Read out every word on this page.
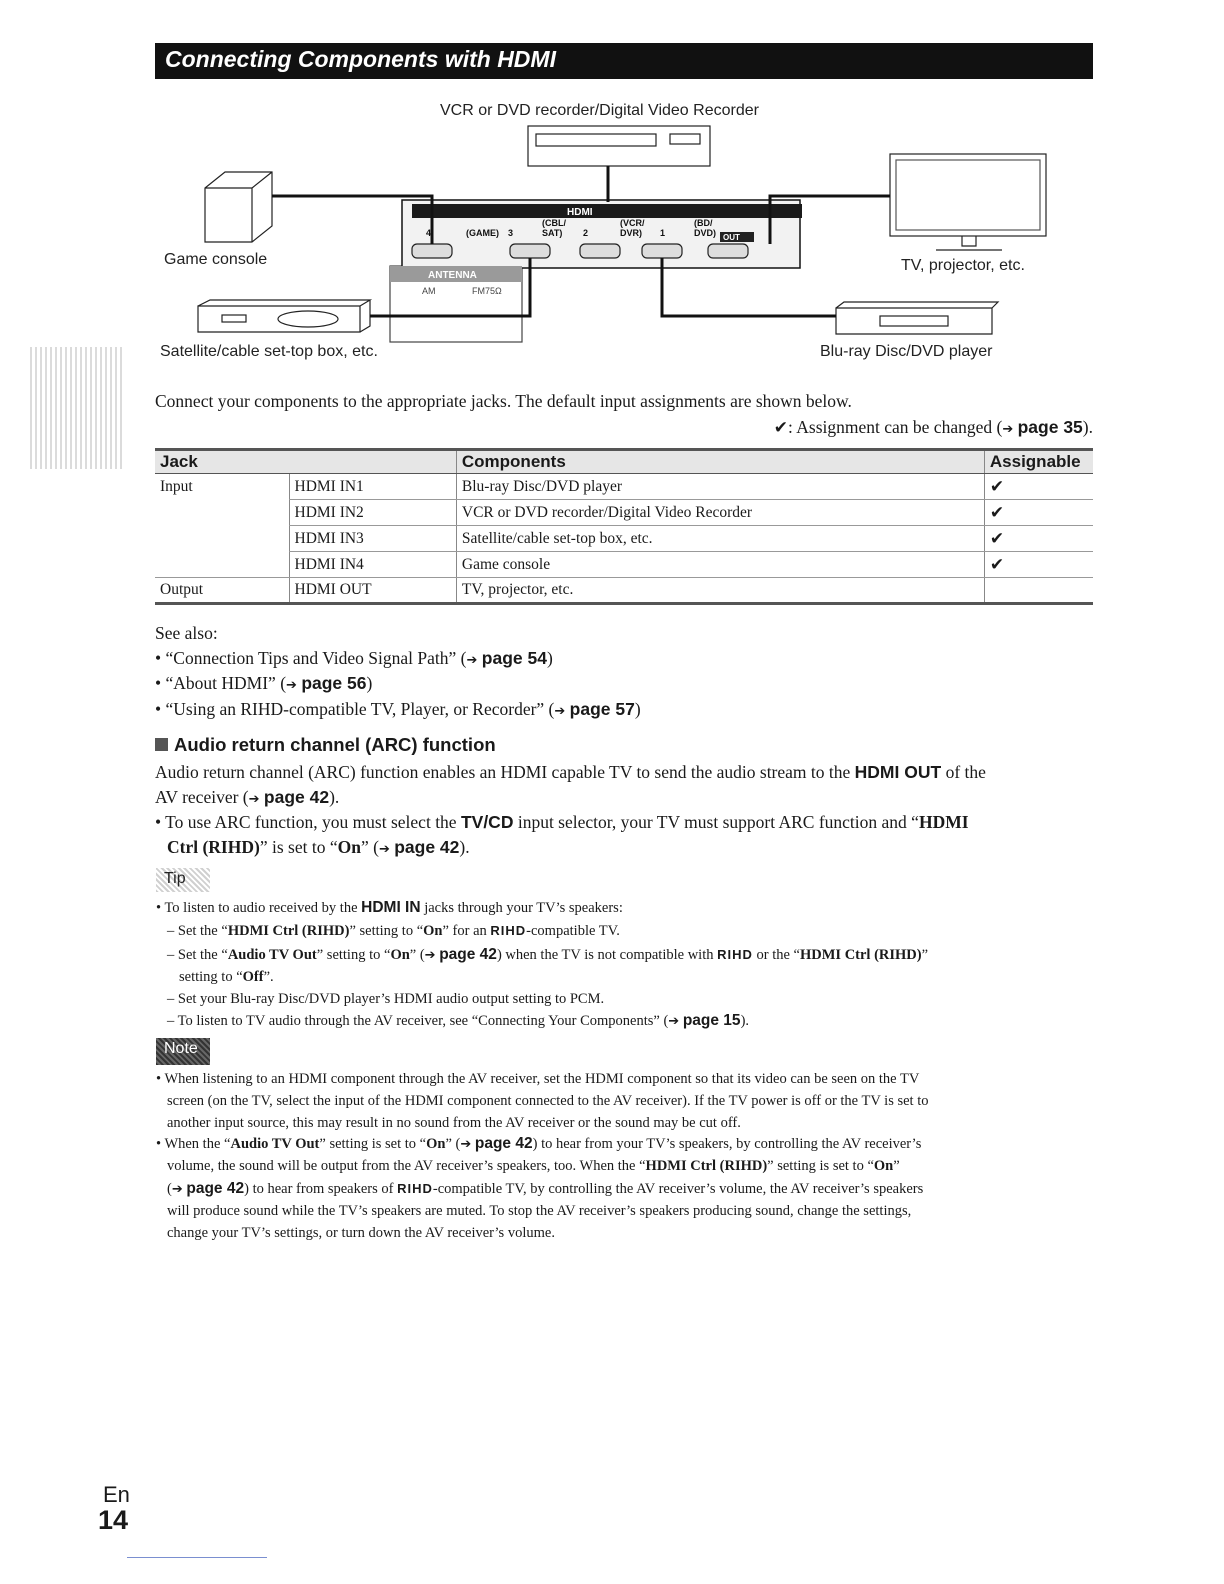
Connecting Components with HDMI
VCR or DVD recorder/Digital Video Recorder
Game console	TV, projector, etc.
Satellite/cable set-top box, etc.	Blu-ray Disc/DVD player
HDMI
4	(GAME) 3
(CBL/
SAT) 2
(VCR/
DVR) 1
(BD/
DVD) OUT
ANTENNA
AM	FM75Ω
Connect your components to the appropriate jacks. The default input assignments are shown below.
✔: Assignment can be changed (➔ page 35).
Jack		Components	Assignable
Input	HDMI IN1	Blu-ray Disc/DVD player	✔
	HDMI IN2	VCR or DVD recorder/Digital Video Recorder	✔
	HDMI IN3	Satellite/cable set-top box, etc.	✔
	HDMI IN4	Game console	✔
Output	HDMI OUT	TV, projector, etc.	
See also:
• “Connection Tips and Video Signal Path” (➔ page 54)
• “About HDMI” (➔ page 56)
• “Using an RIHD-compatible TV, Player, or Recorder” (➔ page 57)
Audio return channel (ARC) function
Audio return channel (ARC) function enables an HDMI capable TV to send the audio stream to the HDMI OUT of the
AV receiver (➔ page 42).
• To use ARC function, you must select the TV/CD input selector, your TV must support ARC function and “HDMI
Ctrl (RIHD)” is set to “On” (➔ page 42).
Tip
• To listen to audio received by the HDMI IN jacks through your TV’s speakers:
– Set the “HDMI Ctrl (RIHD)” setting to “On” for an RIHD-compatible TV.
– Set the “Audio TV Out” setting to “On” (➔ page 42) when the TV is not compatible with RIHD or the “HDMI Ctrl (RIHD)”
setting to “Off”.
– Set your Blu-ray Disc/DVD player’s HDMI audio output setting to PCM.
– To listen to TV audio through the AV receiver, see “Connecting Your Components” (➔ page 15).
Note
• When listening to an HDMI component through the AV receiver, set the HDMI component so that its video can be seen on the TV
screen (on the TV, select the input of the HDMI component connected to the AV receiver). If the TV power is off or the TV is set to
another input source, this may result in no sound from the AV receiver or the sound may be cut off.
• When the “Audio TV Out” setting is set to “On” (➔ page 42) to hear from your TV’s speakers, by controlling the AV receiver’s
volume, the sound will be output from the AV receiver’s speakers, too. When the “HDMI Ctrl (RIHD)” setting is set to “On”
(➔ page 42) to hear from speakers of RIHD-compatible TV, by controlling the AV receiver’s volume, the AV receiver’s speakers
will produce sound while the TV’s speakers are muted. To stop the AV receiver’s speakers producing sound, change the settings,
change your TV’s settings, or turn down the AV receiver’s volume.
En
14
